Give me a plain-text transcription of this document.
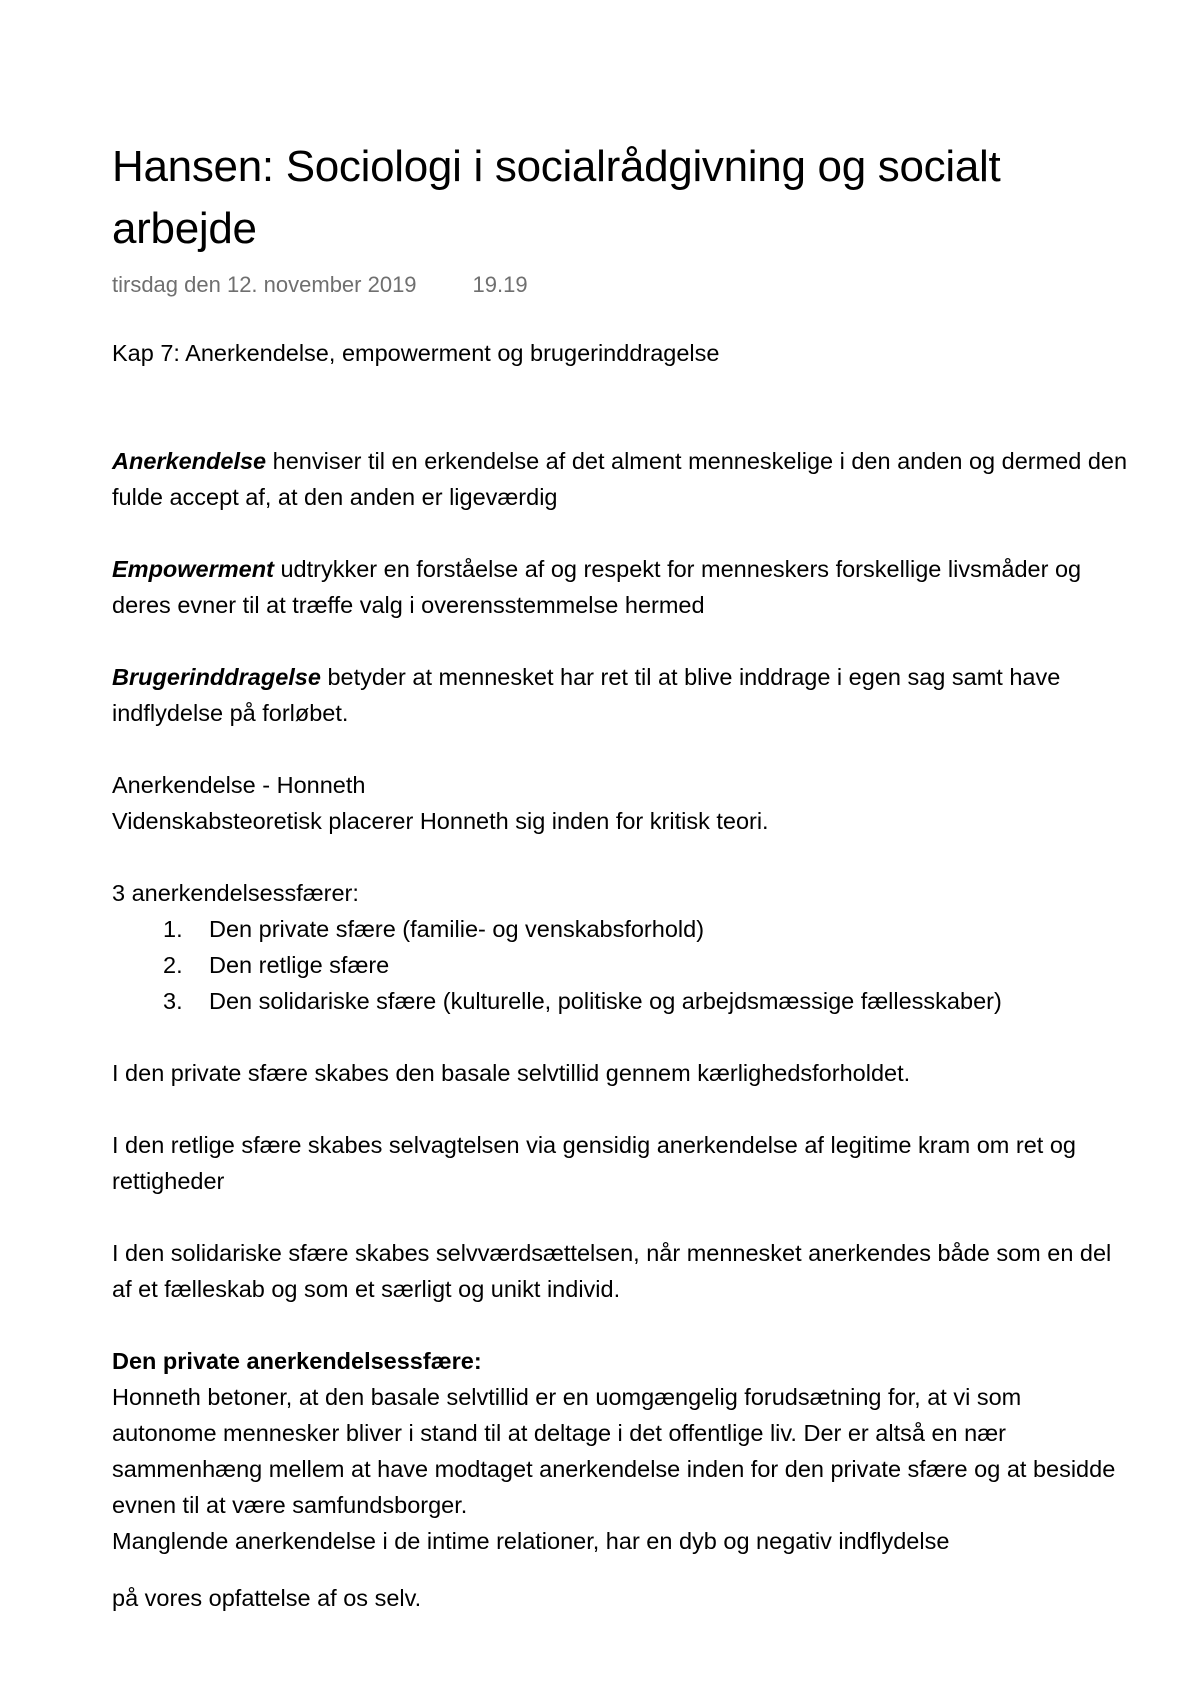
Hansen: Sociologi i socialrådgivning og socialt arbejde
tirsdag den 12. november 2019	19.19

Kap 7: Anerkendelse, empowerment og brugerinddragelse

Anerkendelse henviser til en erkendelse af det alment menneskelige i den anden og dermed den fulde accept af, at den anden er ligeværdig

Empowerment udtrykker en forståelse af og respekt for menneskers forskellige livsmåder og deres evner til at træffe valg i overensstemmelse hermed

Brugerinddragelse betyder at mennesket har ret til at blive inddrage i egen sag samt have indflydelse på forløbet.

Anerkendelse - Honneth

Videnskabsteoretisk placerer Honneth sig inden for kritisk teori.

3 anerkendelsessfærer:

1.	Den private sfære (familie- og venskabsforhold)
2.	Den retlige sfære
3.	Den solidariske sfære (kulturelle, politiske og arbejdsmæssige fællesskaber)

I den private sfære skabes den basale selvtillid gennem kærlighedsforholdet.

I den retlige sfære skabes selvagtelsen via gensidig anerkendelse af legitime kram om ret og rettigheder

I den solidariske sfære skabes selvværdsættelsen, når mennesket anerkendes både som en del af et fælleskab og som et særligt og unikt individ.

Den private anerkendelsessfære:

Honneth betoner, at den basale selvtillid er en uomgængelig forudsætning for, at vi som autonome mennesker bliver i stand til at deltage i det offentlige liv. Der er altså en nær sammenhæng mellem at have modtaget anerkendelse inden for den private sfære og at besidde evnen til at være samfundsborger.

Manglende anerkendelse i de intime relationer, har en dyb og negativ indflydelse

på vores opfattelse af os selv.
